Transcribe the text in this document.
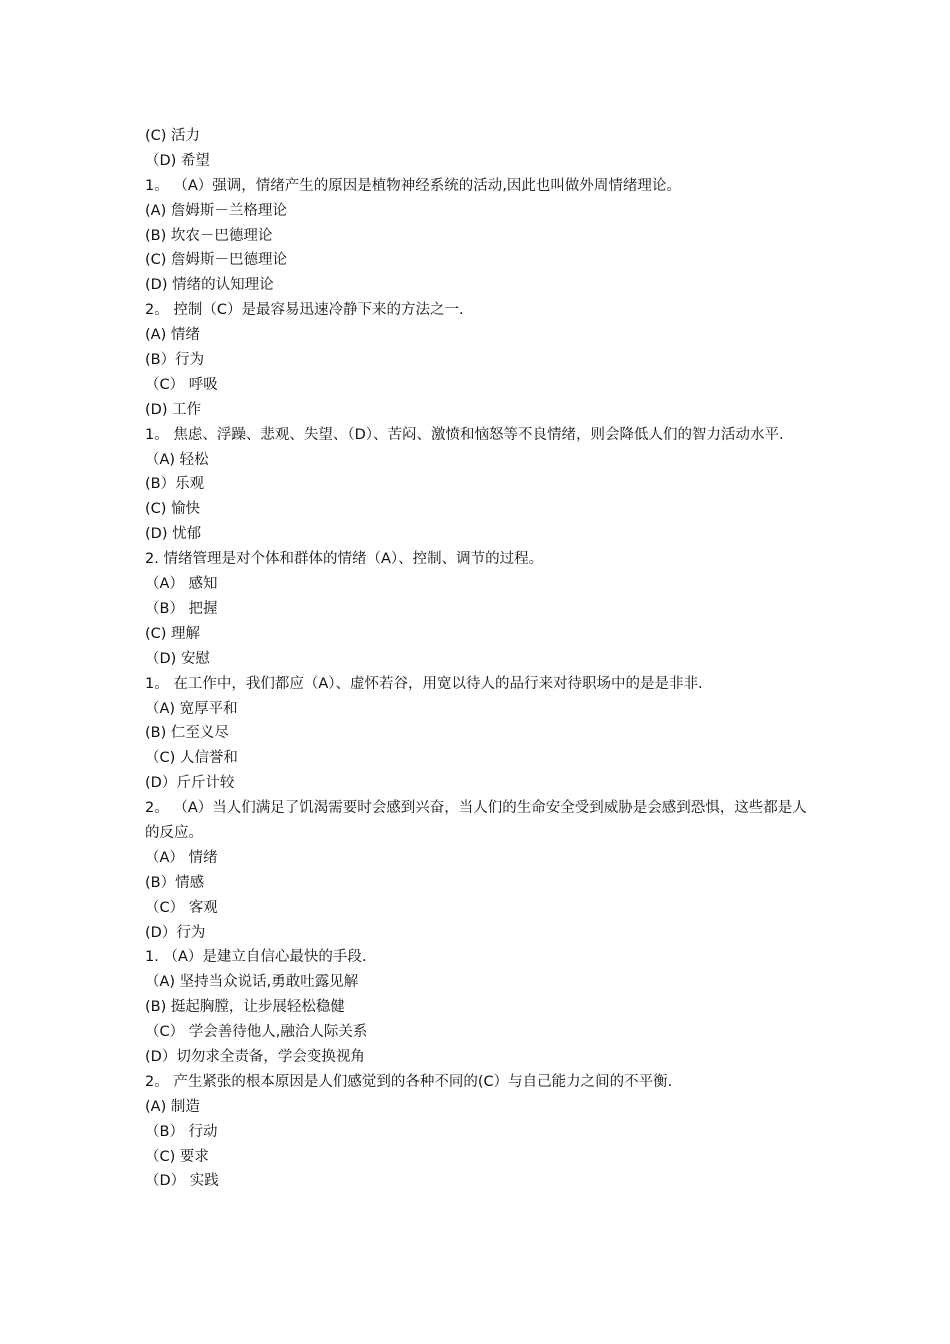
(C) 活力
（D) 希望
1。 （A）强调，情绪产生的原因是植物神经系统的活动,因此也叫做外周情绪理论。
(A) 詹姆斯－兰格理论
(B) 坎农－巴德理论
(C) 詹姆斯－巴德理论
(D) 情绪的认知理论
2。 控制（C）是最容易迅速冷静下来的方法之一.
(A) 情绪
(B）行为
（C） 呼吸
(D) 工作
1。 焦虑、浮躁、悲观、失望、（D）、苦闷、激愤和恼怒等不良情绪，则会降低人们的智力活动水平.
（A) 轻松
(B）乐观
(C) 愉快
(D) 忧郁
2. 情绪管理是对个体和群体的情绪（A）、控制、调节的过程。
（A） 感知
（B） 把握
(C) 理解
（D) 安慰
1。 在工作中，我们都应（A）、虚怀若谷，用宽以待人的品行来对待职场中的是是非非.
（A) 宽厚平和
(B) 仁至义尽
（C) 人信誉和
(D）斤斤计较
2。 （A）当人们满足了饥渴需要时会感到兴奋，当人们的生命安全受到威胁是会感到恐惧，这些都是人的反应。
（A） 情绪
(B）情感
（C） 客观
(D）行为
1. （A）是建立自信心最快的手段.
（A) 坚持当众说话,勇敢吐露见解
(B) 挺起胸膛，让步展轻松稳健
（C） 学会善待他人,融洽人际关系
(D）切勿求全责备，学会变换视角
2。 产生紧张的根本原因是人们感觉到的各种不同的(C）与自己能力之间的不平衡.
(A) 制造
（B） 行动
（C) 要求
（D） 实践
